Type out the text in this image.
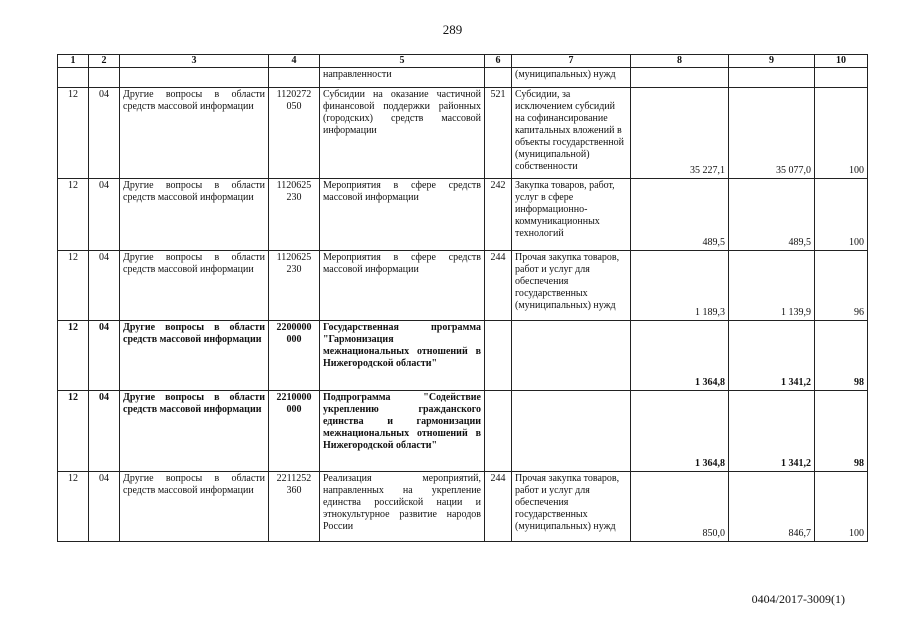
289
1	2	3	4	5	6	7	8	9	10
				направленности		(муниципальных) нужд			
12	04	Другие вопросы в области средств массовой информации	1120272 050	Субсидии на оказание частичной финансовой поддержки районных (городских) средств массовой информации	521	Субсидии, за исключением субсидий на софинансирование капитальных вложений в объекты государственной (муниципальной) собственности	35 227,1	35 077,0	100
12	04	Другие вопросы в области средств массовой информации	1120625 230	Мероприятия в сфере средств массовой информации	242	Закупка товаров, работ, услуг в сфере информационно-коммуникационных технологий	489,5	489,5	100
12	04	Другие вопросы в области средств массовой информации	1120625 230	Мероприятия в сфере средств массовой информации	244	Прочая закупка товаров, работ и услуг для обеспечения государственных (муниципальных) нужд	1 189,3	1 139,9	96
12	04	Другие вопросы в области средств массовой информации	2200000 000	Государственная программа "Гармонизация межнациональных отношений в Нижегородской области"			1 364,8	1 341,2	98
12	04	Другие вопросы в области средств массовой информации	2210000 000	Подпрограмма "Содействие укреплению гражданского единства и гармонизации межнациональных отношений в Нижегородской области"			1 364,8	1 341,2	98
12	04	Другие вопросы в области средств массовой информации	2211252 360	Реализация мероприятий, направленных на укрепление единства российской нации и этнокультурное развитие народов России	244	Прочая закупка товаров, работ и услуг для обеспечения государственных (муниципальных) нужд	850,0	846,7	100
0404/2017-3009(1)
